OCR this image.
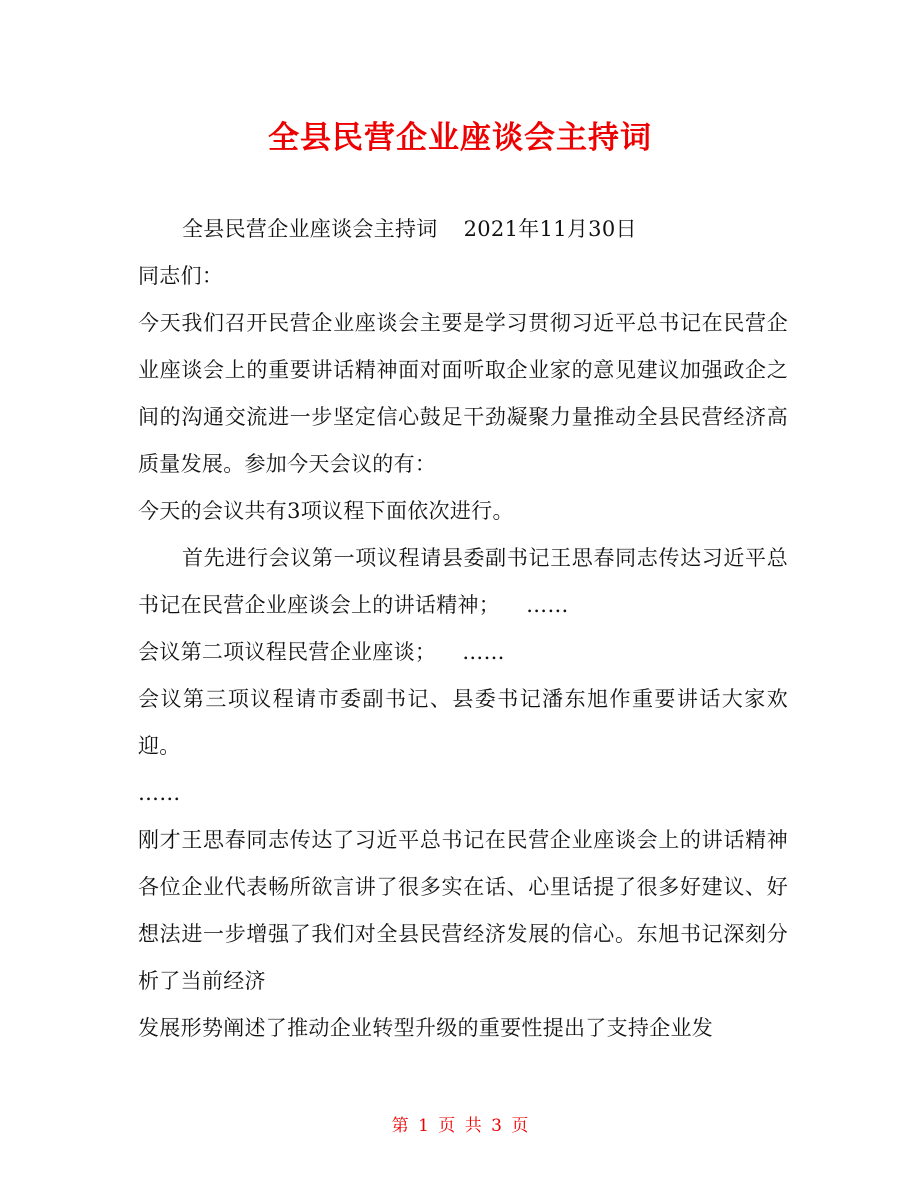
全县民营企业座谈会主持词

全县民营企业座谈会主持词 2021年11月30日

同志们：

今天我们召开民营企业座谈会主要是学习贯彻习近平总书记在民营企业座谈会上的重要讲话精神面对面听取企业家的意见建议加强政企之间的沟通交流进一步坚定信心鼓足干劲凝聚力量推动全县民营经济高质量发展。参加今天会议的有：

今天的会议共有3项议程下面依次进行。

首先进行会议第一项议程请县委副书记王思春同志传达习近平总书记在民营企业座谈会上的讲话精神； ……

会议第二项议程民营企业座谈； ……

会议第三项议程请市委副书记、县委书记潘东旭作重要讲话大家欢迎。

……

刚才王思春同志传达了习近平总书记在民营企业座谈会上的讲话精神各位企业代表畅所欲言讲了很多实在话、心里话提了很多好建议、好想法进一步增强了我们对全县民营经济发展的信心。东旭书记深刻分析了当前经济

发展形势阐述了推动企业转型升级的重要性提出了支持企业发

第 1 页 共 3 页
